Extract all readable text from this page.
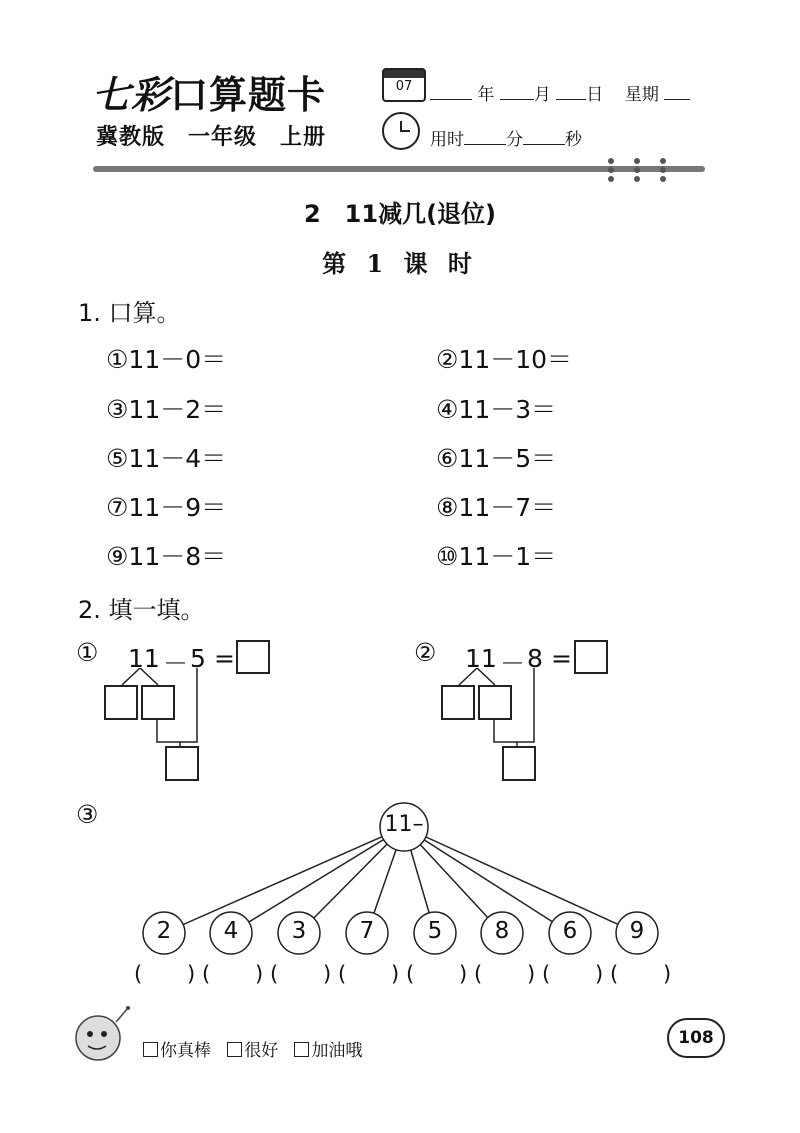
七彩口算题卡
冀教版　一年级　上册
07	年 月 日 星期
用时 分 秒
2　11减几(退位)
第 1 课 时
1. 口算。
①11－0＝	②11－10＝
③11－2＝	④11－3＝
⑤11－4＝	⑥11－5＝
⑦11－9＝	⑧11－7＝
⑨11－8＝	⑩11－1＝
2. 填一填。
① 11 － 5 =	② 11 － 8 =
③	11–
2	4	3	7	5	8	6	9
( ) ( ) ( ) ( ) ( ) ( ) ( ) ( )
你真棒 很好 加油哦
108
